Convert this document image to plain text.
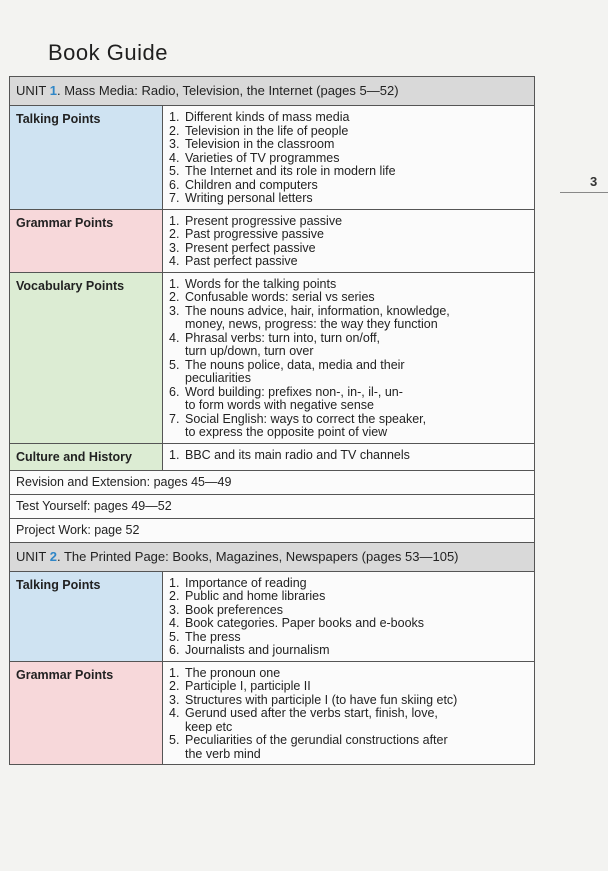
Book Guide
3
UNIT 1. Mass Media: Radio, Television, the Internet (pages 5—52)
Talking Points	1. Different kinds of mass media
2. Television in the life of people
3. Television in the classroom
4. Varieties of TV programmes
5. The Internet and its role in modern life
6. Children and computers
7. Writing personal letters
Grammar Points	1. Present progressive passive
2. Past progressive passive
3. Present perfect passive
4. Past perfect passive
Vocabulary Points	1. Words for the talking points
2. Confusable words: serial vs series
3. The nouns advice, hair, information, knowledge,
money, news, progress: the way they function
4. Phrasal verbs: turn into, turn on/off,
turn up/down, turn over
5. The nouns police, data, media and their
peculiarities
6. Word building: prefixes non-, in-, il-, un-
to form words with negative sense
7. Social English: ways to correct the speaker,
to express the opposite point of view
Culture and History	1. BBC and its main radio and TV channels
Revision and Extension: pages 45—49
Test Yourself: pages 49—52
Project Work: page 52
UNIT 2. The Printed Page: Books, Magazines, Newspapers (pages 53—105)
Talking Points	1. Importance of reading
2. Public and home libraries
3. Book preferences
4. Book categories. Paper books and e-books
5. The press
6. Journalists and journalism
Grammar Points	1. The pronoun one
2. Participle I, participle II
3. Structures with participle I (to have fun skiing etc)
4. Gerund used after the verbs start, finish, love,
keep etc
5. Peculiarities of the gerundial constructions after
the verb mind
